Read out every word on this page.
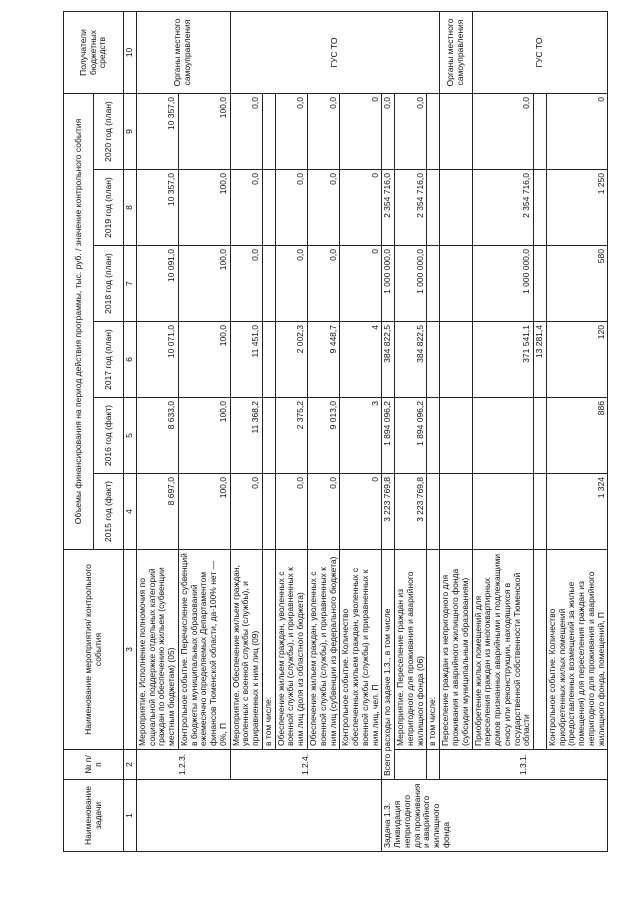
Наименование задачи	№ п/п	Наименование мероприятия/ контрольного события	Объемы финансирования на период действия программы, тыс. руб. / значение контрольного события						Получатели бюджетных средств
			2015 год (факт)	2016 год (факт)	2017 год (план)	2018 год (план)	2019 год (план)	2020 год (план)	
1	2	3	4	5	6	7	8	9	10
	1.2.3.	Мероприятие. Исполнение полномочия по социальной поддержке отдельных категорий граждан по обеспечению жильем (субвенции местным бюджетам) (05)	8 697,0	8 633,0	10 071,0	10 091,0	10 357,0	10 357,0	Органы местного самоуправления
		Контрольное событие. Перечисление субвенций в бюджеты муниципальных образований ежемесячно определяемых Департаментом финансов Тюменской области, да-100% нет — 0%, П	100,0	100,0	100,0	100,0	100,0	100,0	
	1.2.4.	Мероприятие. Обеспечение жильем граждан, уволенных с военной службы (службы), и приравненных к ним лиц (09)	0,0	11 368,2	11 451,0	0,0	0,0	0,0	ГУС ТО
		в том числе:							
		Обеспечение жильем граждан, уволенных с военной службы (службы), и приравненных к ним лиц (доля из областного бюджета)	0,0	2 375,2	2 002,3	0,0	0,0	0,0	
		Обеспечение жильем граждан, уволенных с военной службы (службы), и приравненных к ним лиц (субвенции из федерального бюджета)	0,0	9 013,0	9 448,7	0,0	0,0	0,0	
		Контрольное событие. Количество обеспеченных жильем граждан, уволенных с военной службы (службы) и приравненных к ним лиц, чел. П	0	3	4	0	0	0	
Задача 1.3. Ликвидация непригодного для проживания и аварийного жилищного фонда	Всего расходы по задаче 1.3., в том числе		3 223 769,8	1 894 096,2	384 822,5	1 000 000,0	2 354 716,0	0,0	
		Мероприятие. Переселение граждан из непригодного для проживания и аварийного жилищного фонда (06)	3 223 769,8	1 894 096,2	384 822,5	1 000 000,0	2 354 716,0	0,0	
		в том числе:							
	1.3.1.	Переселение граждан из непригодного для проживания и аварийного жилищного фонда (субсидии муниципальным образованиям)							Органы местного самоуправления
		Приобретение жилых помещений для переселения граждан из многоквартирных домов признанных аварийными и подлежащими сносу или реконструкции, находящихся в государственной собственности Тюменской области			371 541,1	1 000 000,0	2 354 716,0	0,0	ГУС ТО
					13 281,4				
		Контрольное событие. Количество приобретенных жилых помещений (предоставленных возмещений за жилые помещения) для переселения граждан из непригодного для проживания и аварийного жилищного фонда, помещений, П	1 324	886	120	580	1 250	0	
